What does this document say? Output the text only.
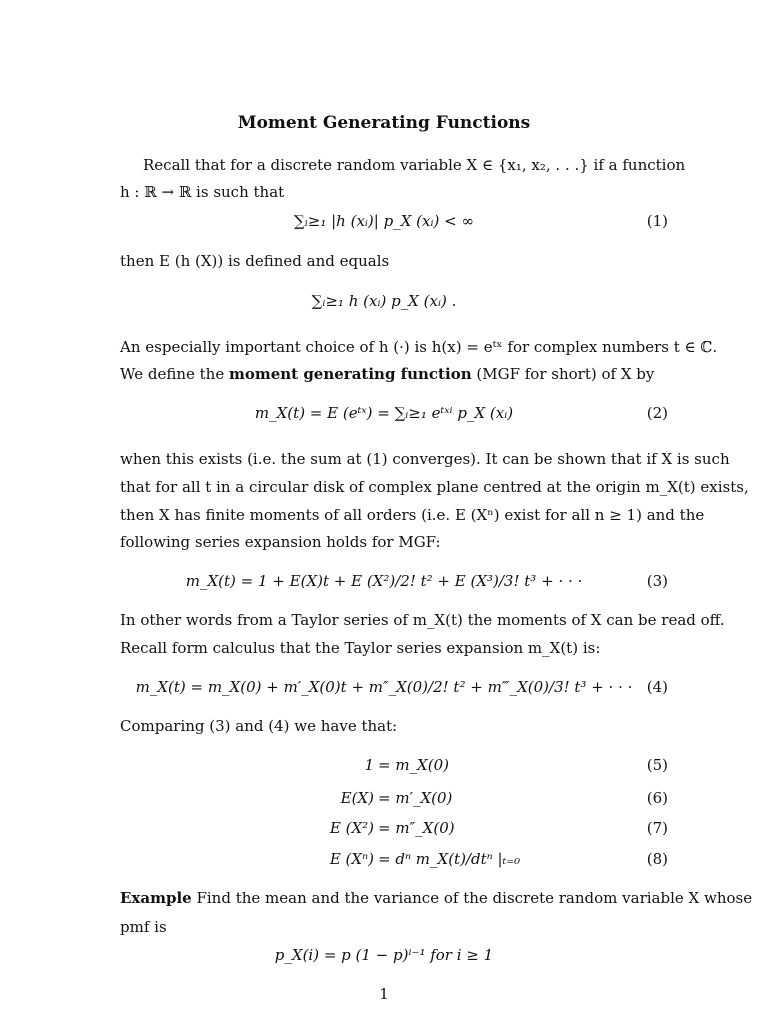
Moment Generating Functions
Recall that for a discrete random variable X ∈ {x₁, x₂, . . .} if a function
h : ℝ → ℝ is such that
∑ᵢ≥₁ |h (xᵢ)| p_X (xᵢ) < ∞	(1)
then E (h (X)) is defined and equals
∑ᵢ≥₁ h (xᵢ) p_X (xᵢ) .
An especially important choice of h (·) is h(x) = eᵗˣ for complex numbers t ∈ ℂ.
We define the moment generating function (MGF for short) of X by
m_X(t) = E (eᵗˣ) = ∑ᵢ≥₁ eᵗˣⁱ p_X (xᵢ)	(2)
when this exists (i.e. the sum at (1) converges). It can be shown that if X is such
that for all t in a circular disk of complex plane centred at the origin m_X(t) exists,
then X has finite moments of all orders (i.e. E (Xⁿ) exist for all n ≥ 1) and the
following series expansion holds for MGF:
m_X(t) = 1 + E(X)t + E (X²)/2! t² + E (X³)/3! t³ + · · ·	(3)
In other words from a Taylor series of m_X(t) the moments of X can be read off.
Recall form calculus that the Taylor series expansion m_X(t) is:
m_X(t) = m_X(0) + m′_X(0)t + m″_X(0)/2! t² + m‴_X(0)/3! t³ + · · · (4)
Comparing (3) and (4) we have that:
1 = m_X(0)	(5)
E(X) = m′_X(0)	(6)
E (X²) = m″_X(0)	(7)
E (Xⁿ) = dⁿ m_X(t)/dtⁿ |ₜ₌₀	(8)
Example Find the mean and the variance of the discrete random variable X whose
pmf is
p_X(i) = p (1 − p)ⁱ⁻¹ for i ≥ 1
1
